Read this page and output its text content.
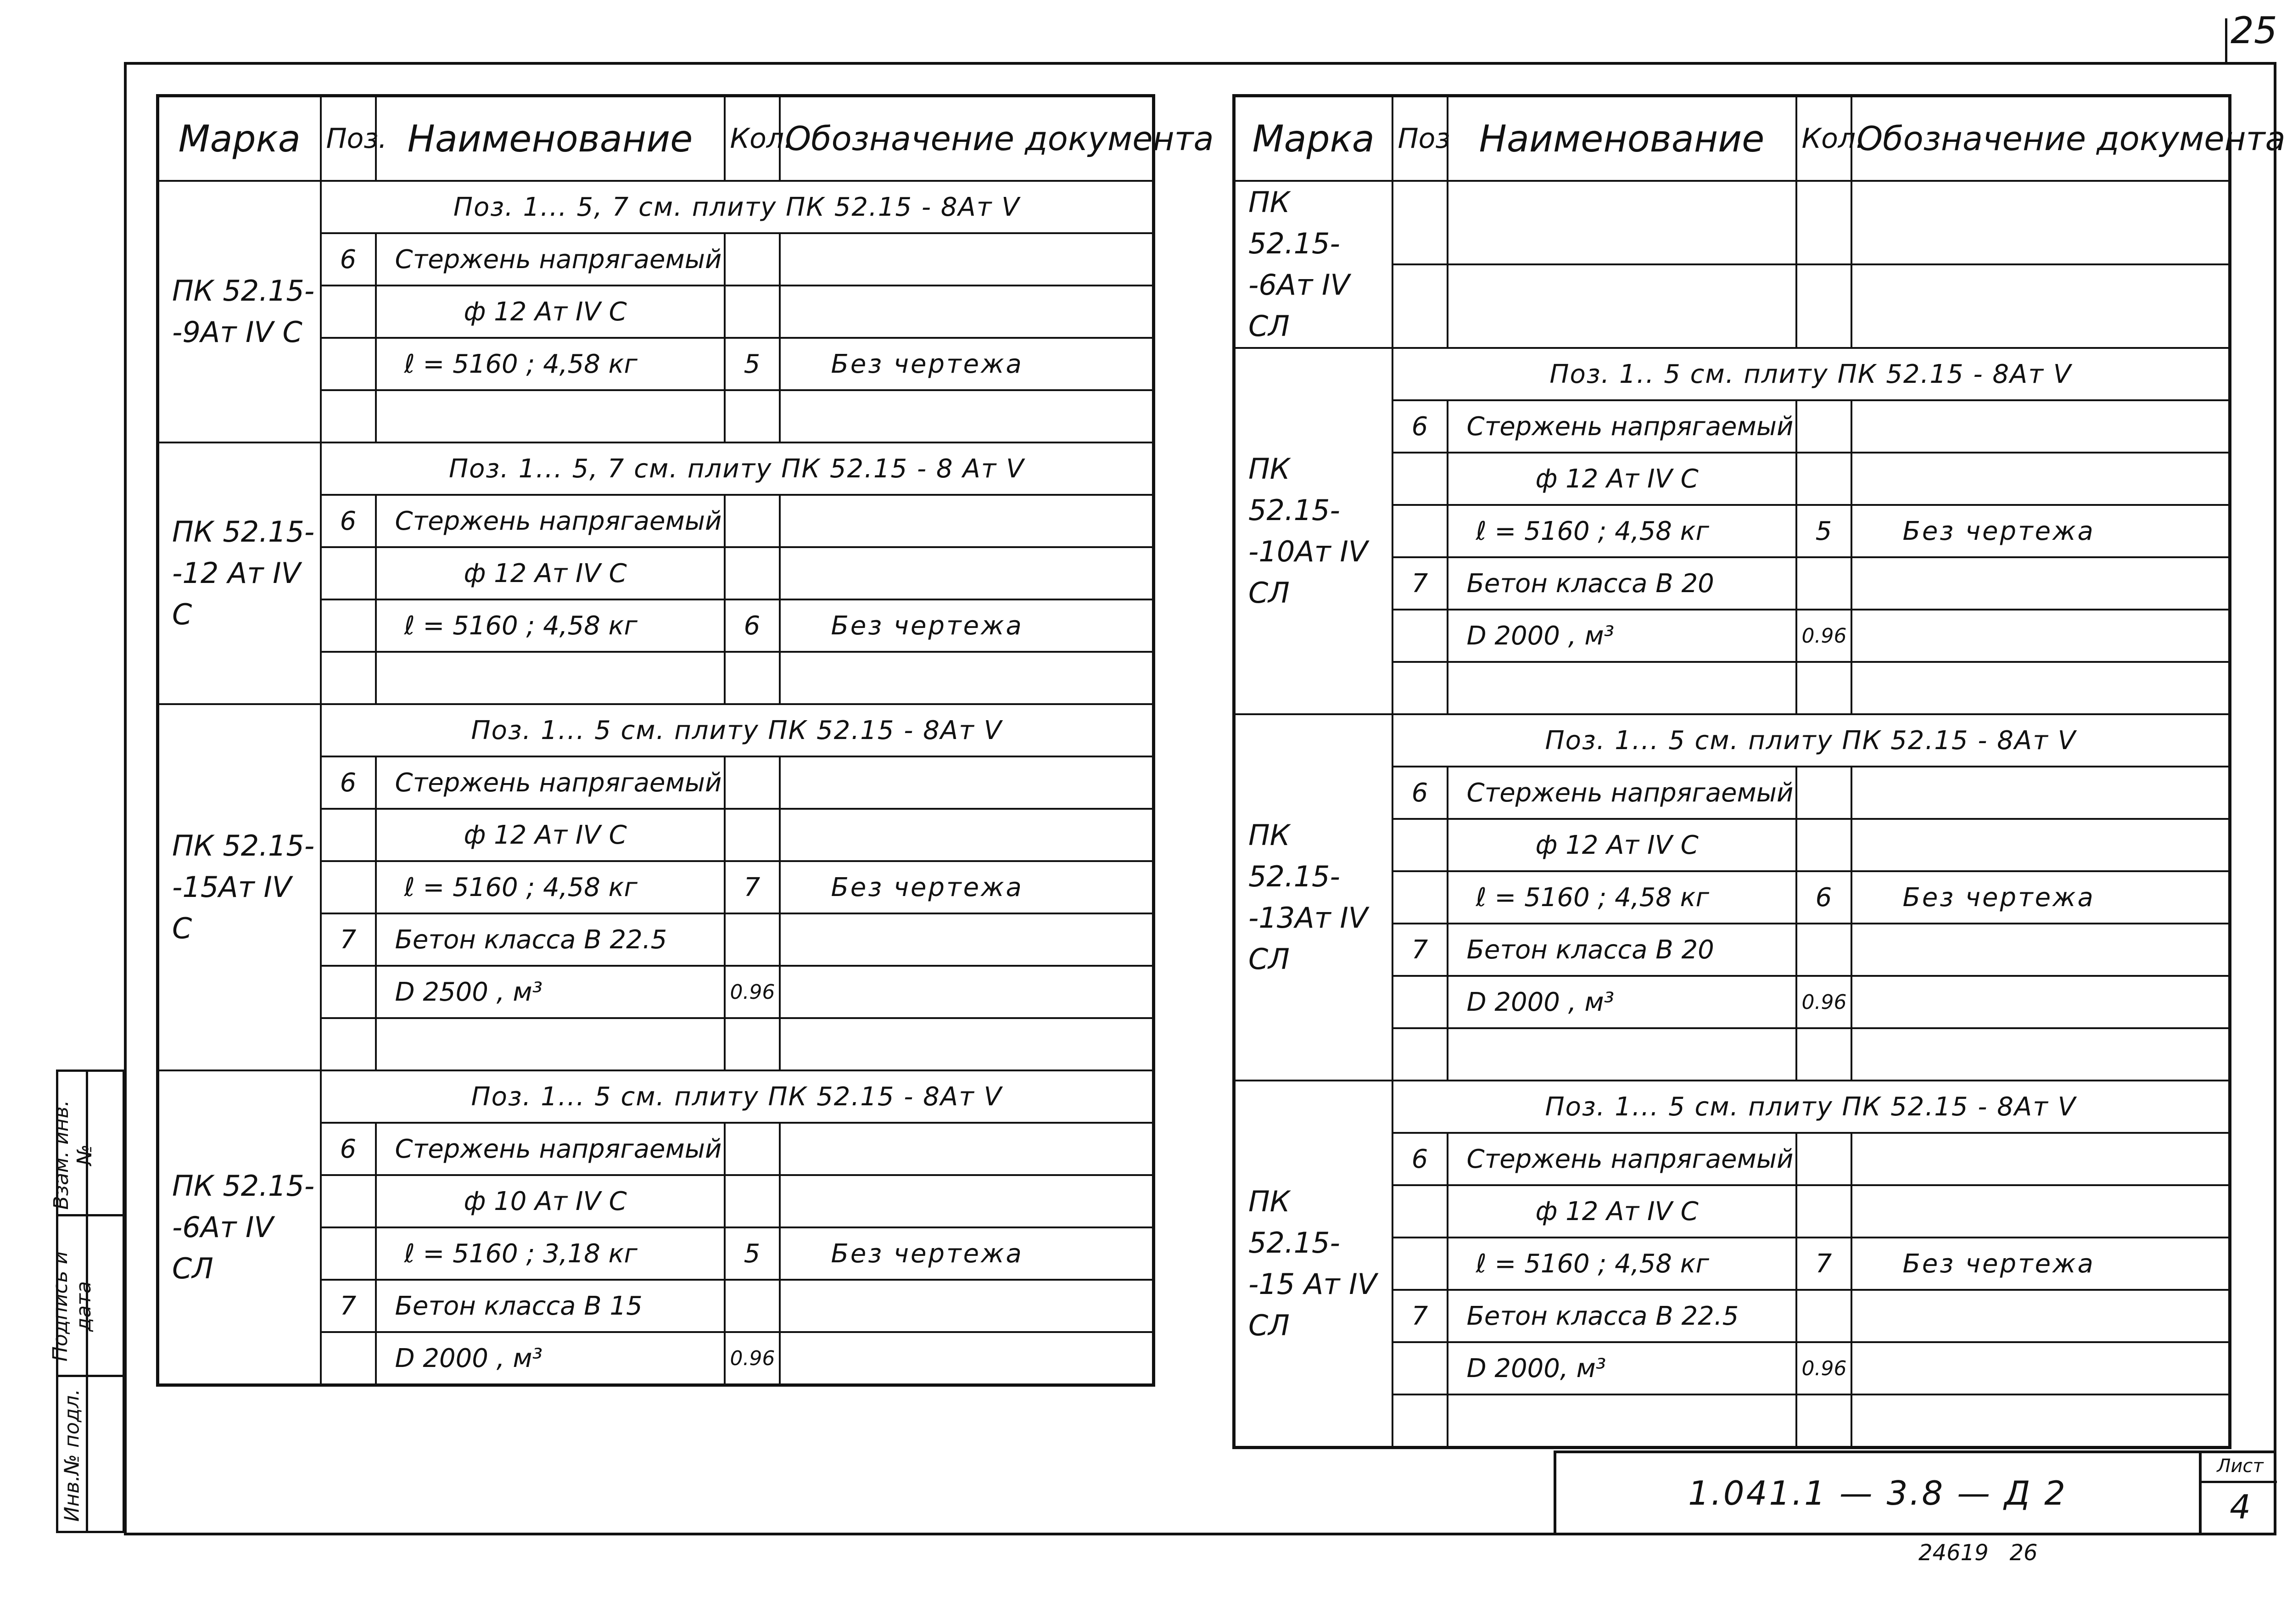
25
Взам. инв.№
Подпись и дата
Инв.№ подл.
Марка	Поз.	Наименование	Кол.	Обозначение документа
ПК 52.15- -9Ат IV C	Поз. 1... 5, 7 см. плиту ПК 52.15 - 8Ат V			
	6	Стержень напрягаемый		
		ф 12 Ат IV С		
		ℓ = 5160 ; 4,58 кг	5	Без чертежа

ПК 52.15- -12 Ат IV C	Поз. 1... 5, 7 см. плиту ПК 52.15 - 8 Ат V			
	6	Стержень напрягаемый		
		ф 12 Ат IV С		
		ℓ = 5160 ; 4,58 кг	6	Без чертежа

ПК 52.15- -15Ат IV C	Поз. 1... 5 см. плиту ПК 52.15 - 8Ат V			
	6	Стержень напрягаемый		
		ф 12 Ат IV С		
		ℓ = 5160 ; 4,58 кг	7	Без чертежа
	7	Бетон класса В 22.5		
		D 2500 , м³	0.96	

ПК 52.15- -6Ат IV СЛ	Поз. 1... 5 см. плиту ПК 52.15 - 8Ат V			
	6	Стержень напрягаемый		
		ф 10 Ат IV С		
		ℓ = 5160 ; 3,18 кг	5	Без чертежа
	7	Бетон класса В 15		
		D 2000 , м³	0.96	
Марка	Поз	Наименование	Кол.	Обозначение документа
ПК 52.15- -6Ат IV СЛ				

ПК 52.15- -10Ат IV СЛ	Поз. 1.. 5 см. плиту ПК 52.15 - 8Ат V			
	6	Стержень напрягаемый		
		ф 12 Ат IV С		
		ℓ = 5160 ; 4,58 кг	5	Без чертежа
	7	Бетон класса В 20		
		D 2000 , м³	0.96	

ПК 52.15- -13Ат IV СЛ	Поз. 1... 5 см. плиту ПК 52.15 - 8Ат V			
	6	Стержень напрягаемый		
		ф 12 Ат IV С		
		ℓ = 5160 ; 4,58 кг	6	Без чертежа
	7	Бетон класса В 20		
		D 2000 , м³	0.96	

ПК 52.15- -15 Ат IV СЛ	Поз. 1... 5 см. плиту ПК 52.15 - 8Ат V			
	6	Стержень напрягаемый		
		ф 12 Ат IV С		
		ℓ = 5160 ; 4,58 кг	7	Без чертежа
	7	Бетон класса В 22.5		
		D 2000, м³	0.96	

1.041.1 — 3.8 — Д 2
Лист
4
24619   26
